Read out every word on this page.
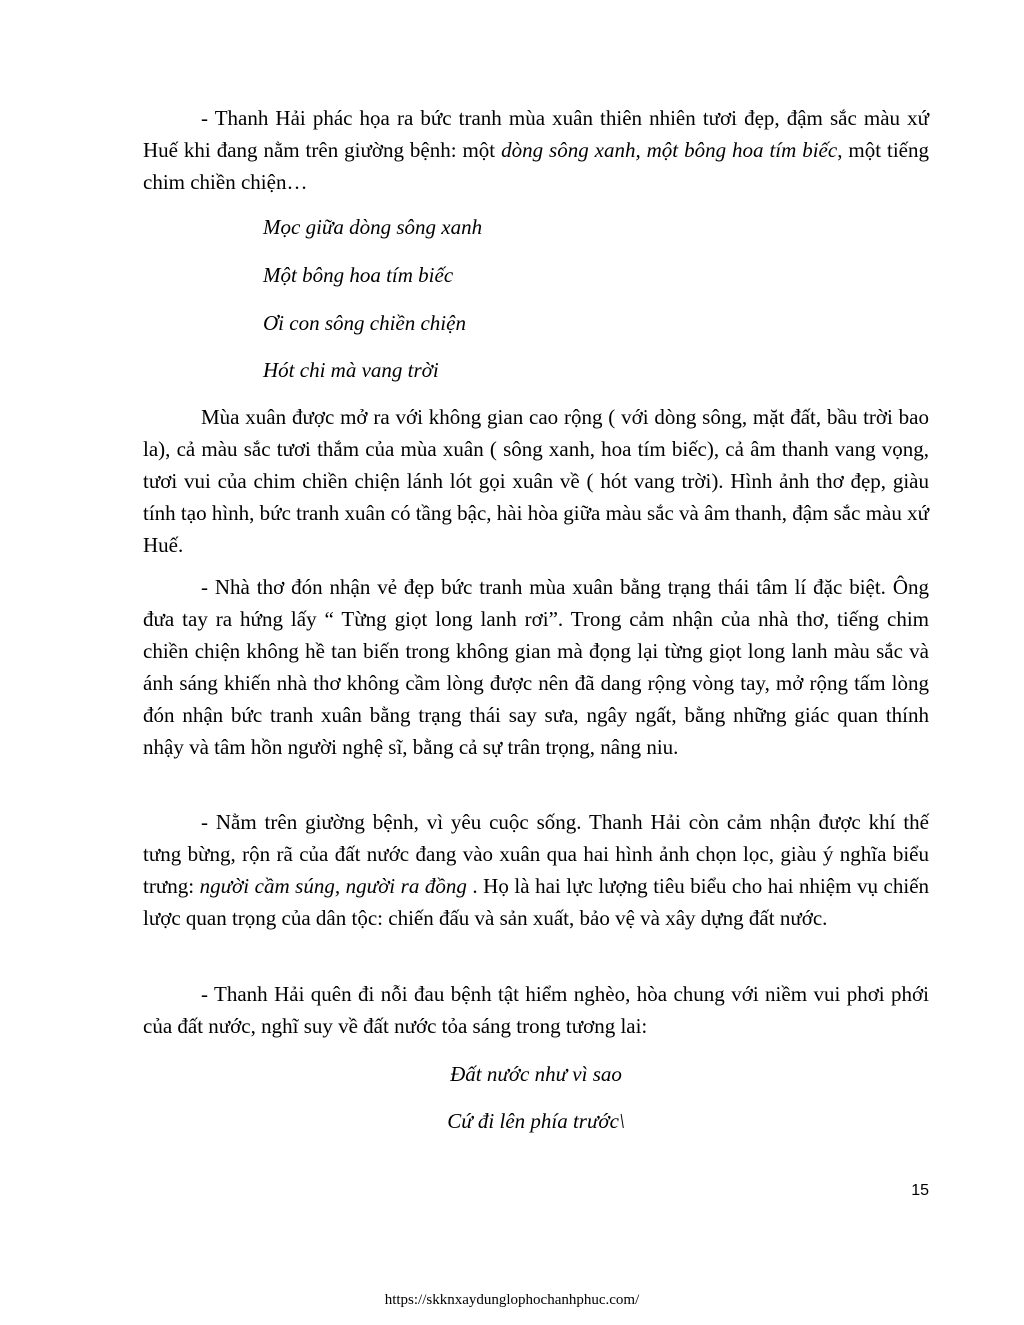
- Thanh Hải phác họa ra bức tranh mùa xuân thiên nhiên tươi đẹp, đậm sắc màu xứ Huế khi đang nằm trên giường bệnh: một dòng sông xanh, một bông hoa tím biếc, một tiếng chim chiền chiện…

Mọc giữa dòng sông xanh

Một bông hoa tím biếc

Ơi con sông chiền chiện

Hót chi mà vang trời

Mùa xuân được mở ra với không gian cao rộng ( với dòng sông, mặt đất, bầu trời bao la), cả màu sắc tươi thắm của mùa xuân ( sông xanh, hoa tím biếc), cả âm thanh vang vọng, tươi vui của chim chiền chiện lánh lót gọi xuân về ( hót vang trời). Hình ảnh thơ đẹp, giàu tính tạo hình, bức tranh xuân có tầng bậc, hài hòa giữa màu sắc và âm thanh, đậm sắc màu xứ Huế.

- Nhà thơ đón nhận vẻ đẹp bức tranh mùa xuân bằng trạng thái tâm lí đặc biệt. Ông đưa tay ra hứng lấy “ Từng giọt long lanh rơi”. Trong cảm nhận của nhà thơ, tiếng chim chiền chiện không hề tan biến trong không gian mà đọng lại từng giọt long lanh màu sắc và ánh sáng khiến nhà thơ không cầm lòng được nên đã dang rộng vòng tay, mở rộng tấm lòng đón nhận bức tranh xuân bằng trạng thái say sưa, ngây ngất, bằng những giác quan thính nhậy và tâm hồn người nghệ sĩ, bằng cả sự trân trọng, nâng niu.

- Nằm trên giường bệnh, vì yêu cuộc sống. Thanh Hải còn cảm nhận được khí thế tưng bừng, rộn rã của đất nước đang vào xuân qua hai hình ảnh chọn lọc, giàu ý nghĩa biểu trưng: người cầm súng, người ra đồng . Họ là hai lực lượng tiêu biểu cho hai nhiệm vụ chiến lược quan trọng của dân tộc: chiến đấu và sản xuất, bảo vệ và xây dựng đất nước.

- Thanh Hải quên đi nỗi đau bệnh tật hiểm nghèo, hòa chung với niềm vui phơi phới của đất nước, nghĩ suy về đất nước tỏa sáng trong tương lai:

Đất nước như vì sao

Cứ đi lên phía trước\

15
https://skknxaydunglophochanhphuc.com/
